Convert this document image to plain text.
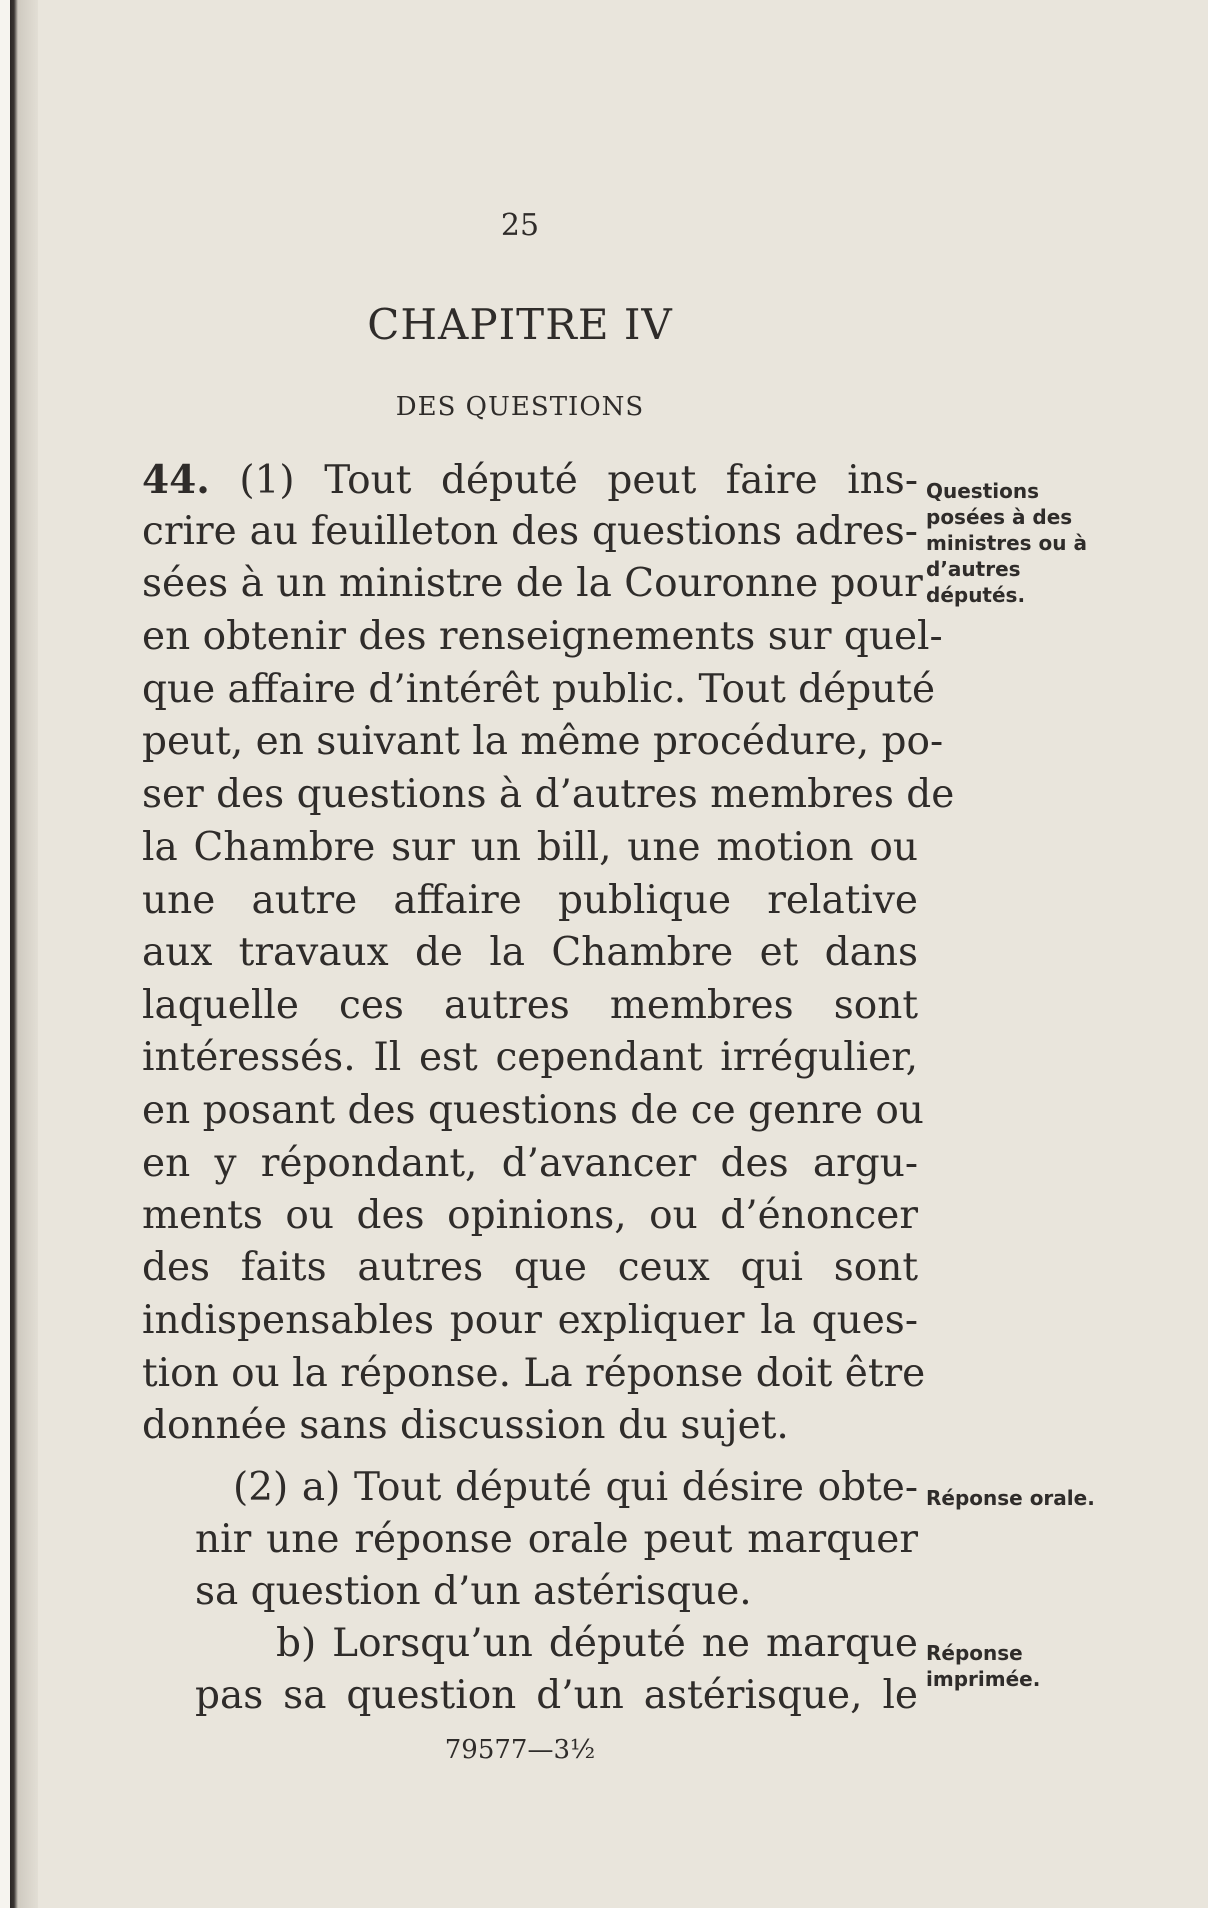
25
CHAPITRE IV
DES QUESTIONS
44. (1) Tout député peut faire ins-
crire au feuilleton des questions adres-
sées à un ministre de la Couronne pour
en obtenir des renseignements sur quel-
que affaire d’intérêt public. Tout député
peut, en suivant la même procédure, po-
ser des questions à d’autres membres de
la Chambre sur un bill, une motion ou
une autre affaire publique relative
aux travaux de la Chambre et dans
laquelle ces autres membres sont
intéressés. Il est cependant irrégulier,
en posant des questions de ce genre ou
en y répondant, d’avancer des argu-
ments ou des opinions, ou d’énoncer
des faits autres que ceux qui sont
indispensables pour expliquer la ques-
tion ou la réponse. La réponse doit être
donnée sans discussion du sujet.
(2) a) Tout député qui désire obte-
nir une réponse orale peut marquer
sa question d’un astérisque.
b) Lorsqu’un député ne marque
pas sa question d’un astérisque, le
Questions posées à des ministres ou à d’autres députés.
Réponse orale.
Réponse imprimée.
79577—3½
